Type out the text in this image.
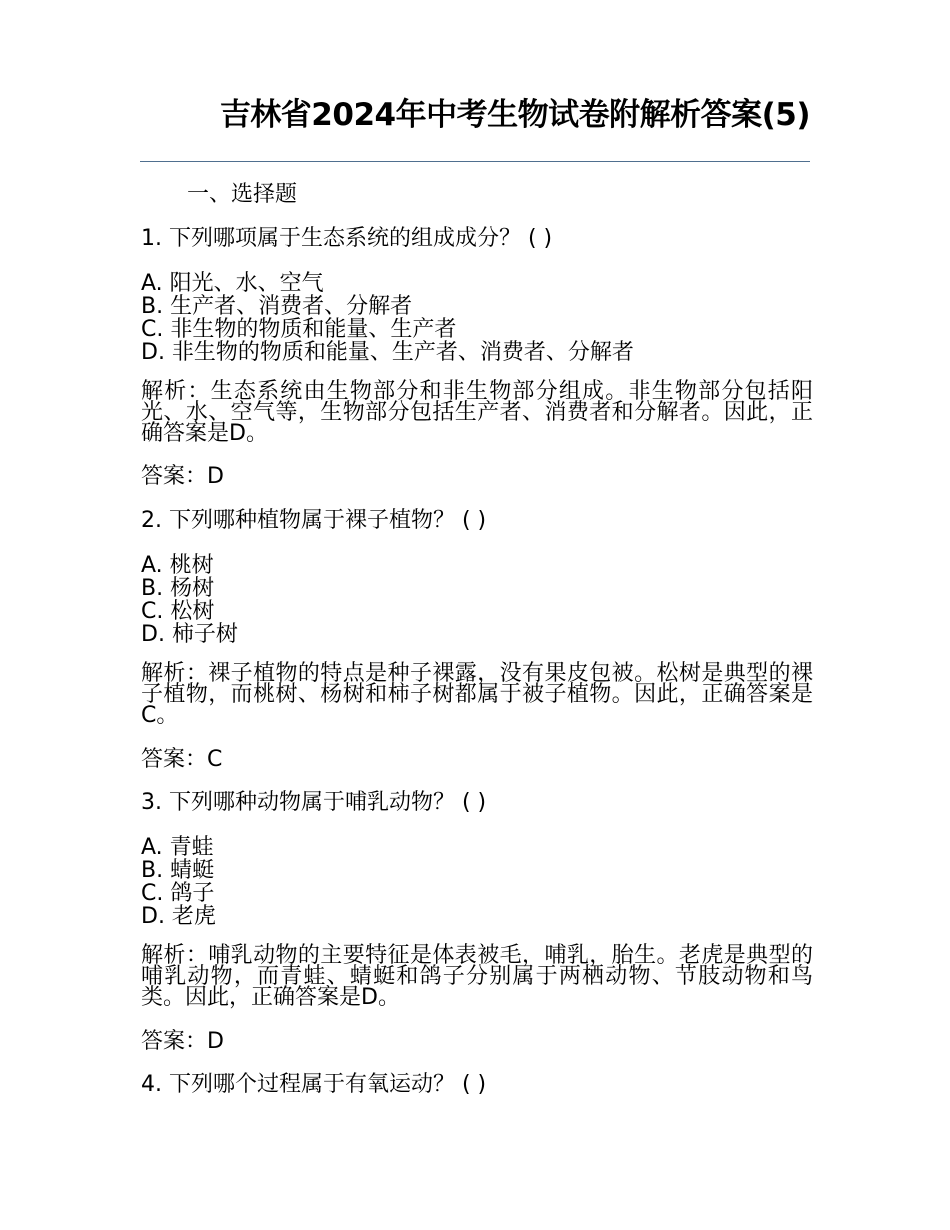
吉林省2024年中考生物试卷附解析答案(5)
一、选择题

1. 下列哪项属于生态系统的组成成分？ ( )

A. 阳光、水、空气
B. 生产者、消费者、分解者
C. 非生物的物质和能量、生产者
D. 非生物的物质和能量、生产者、消费者、分解者

解析：生态系统由生物部分和非生物部分组成。非生物部分包括阳光、水、空气等，生物部分包括生产者、消费者和分解者。因此，正确答案是D。

答案：D

2. 下列哪种植物属于裸子植物？ ( )

A. 桃树
B. 杨树
C. 松树
D. 柿子树

解析：裸子植物的特点是种子裸露，没有果皮包被。松树是典型的裸子植物，而桃树、杨树和柿子树都属于被子植物。因此，正确答案是C。

答案：C

3. 下列哪种动物属于哺乳动物？ ( )

A. 青蛙
B. 蜻蜓
C. 鸽子
D. 老虎

解析：哺乳动物的主要特征是体表被毛，哺乳，胎生。老虎是典型的哺乳动物，而青蛙、蜻蜓和鸽子分别属于两栖动物、节肢动物和鸟类。因此，正确答案是D。

答案：D

4. 下列哪个过程属于有氧运动？ ( )
